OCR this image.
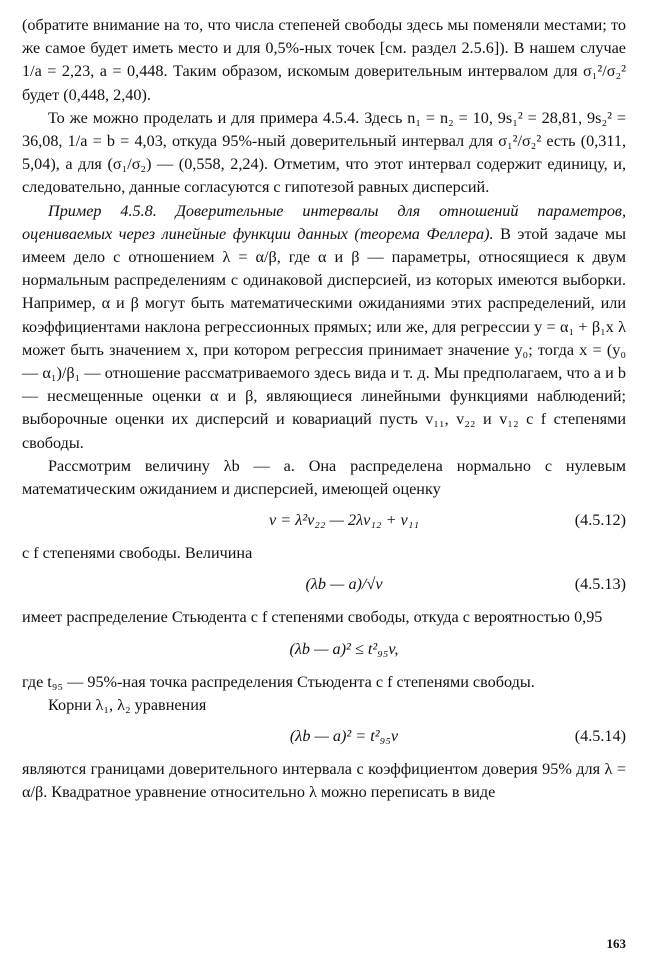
(обратите внимание на то, что числа степеней свободы здесь мы поменяли местами; то же самое будет иметь место и для 0,5%-ных точек [см. раздел 2.5.6]). В нашем случае 1/a = 2,23, a = 0,448. Таким образом, искомым доверительным интервалом для σ₁²/σ₂² будет (0,448, 2,40).

То же можно проделать и для примера 4.5.4. Здесь n₁ = n₂ = 10, 9s₁² = 28,81, 9s₂² = 36,08, 1/a = b = 4,03, откуда 95%-ный доверительный интервал для σ₁²/σ₂² есть (0,311, 5,04), а для (σ₁/σ₂) — (0,558, 2,24). Отметим, что этот интервал содержит единицу, и, следовательно, данные согласуются с гипотезой равных дисперсий.

Пример 4.5.8. Доверительные интервалы для отношений параметров, оцениваемых через линейные функции данных (теорема Феллера). В этой задаче мы имеем дело с отношением λ = α/β, где α и β — параметры, относящиеся к двум нормальным распределениям с одинаковой дисперсией, из которых имеются выборки. Например, α и β могут быть математическими ожиданиями этих распределений, или коэффициентами наклона регрессионных прямых; или же, для регрессии y = α₁ + β₁x λ может быть значением x, при котором регрессия принимает значение y₀; тогда x = (y₀ — α₁)/β₁ — отношение рассматриваемого здесь вида и т. д. Мы предполагаем, что a и b — несмещенные оценки α и β, являющиеся линейными функциями наблюдений; выборочные оценки их дисперсий и ковариаций пусть v₁₁, v₂₂ и v₁₂ с f степенями свободы.

Рассмотрим величину λb — a. Она распределена нормально с нулевым математическим ожиданием и дисперсией, имеющей оценку

v = λ²v₂₂ — 2λv₁₂ + v₁₁	(4.5.12)

с f степенями свободы. Величина

(λb — a)/√v	(4.5.13)

имеет распределение Стьюдента с f степенями свободы, откуда с вероятностью 0,95

(λb — a)² ≤ t²₉₅v,

где t₉₅ — 95%-ная точка распределения Стьюдента с f степенями свободы.

Корни λ₁, λ₂ уравнения

(λb — a)² = t²₉₅v	(4.5.14)

являются границами доверительного интервала с коэффициентом доверия 95% для λ = α/β. Квадратное уравнение относительно λ можно переписать в виде

163
